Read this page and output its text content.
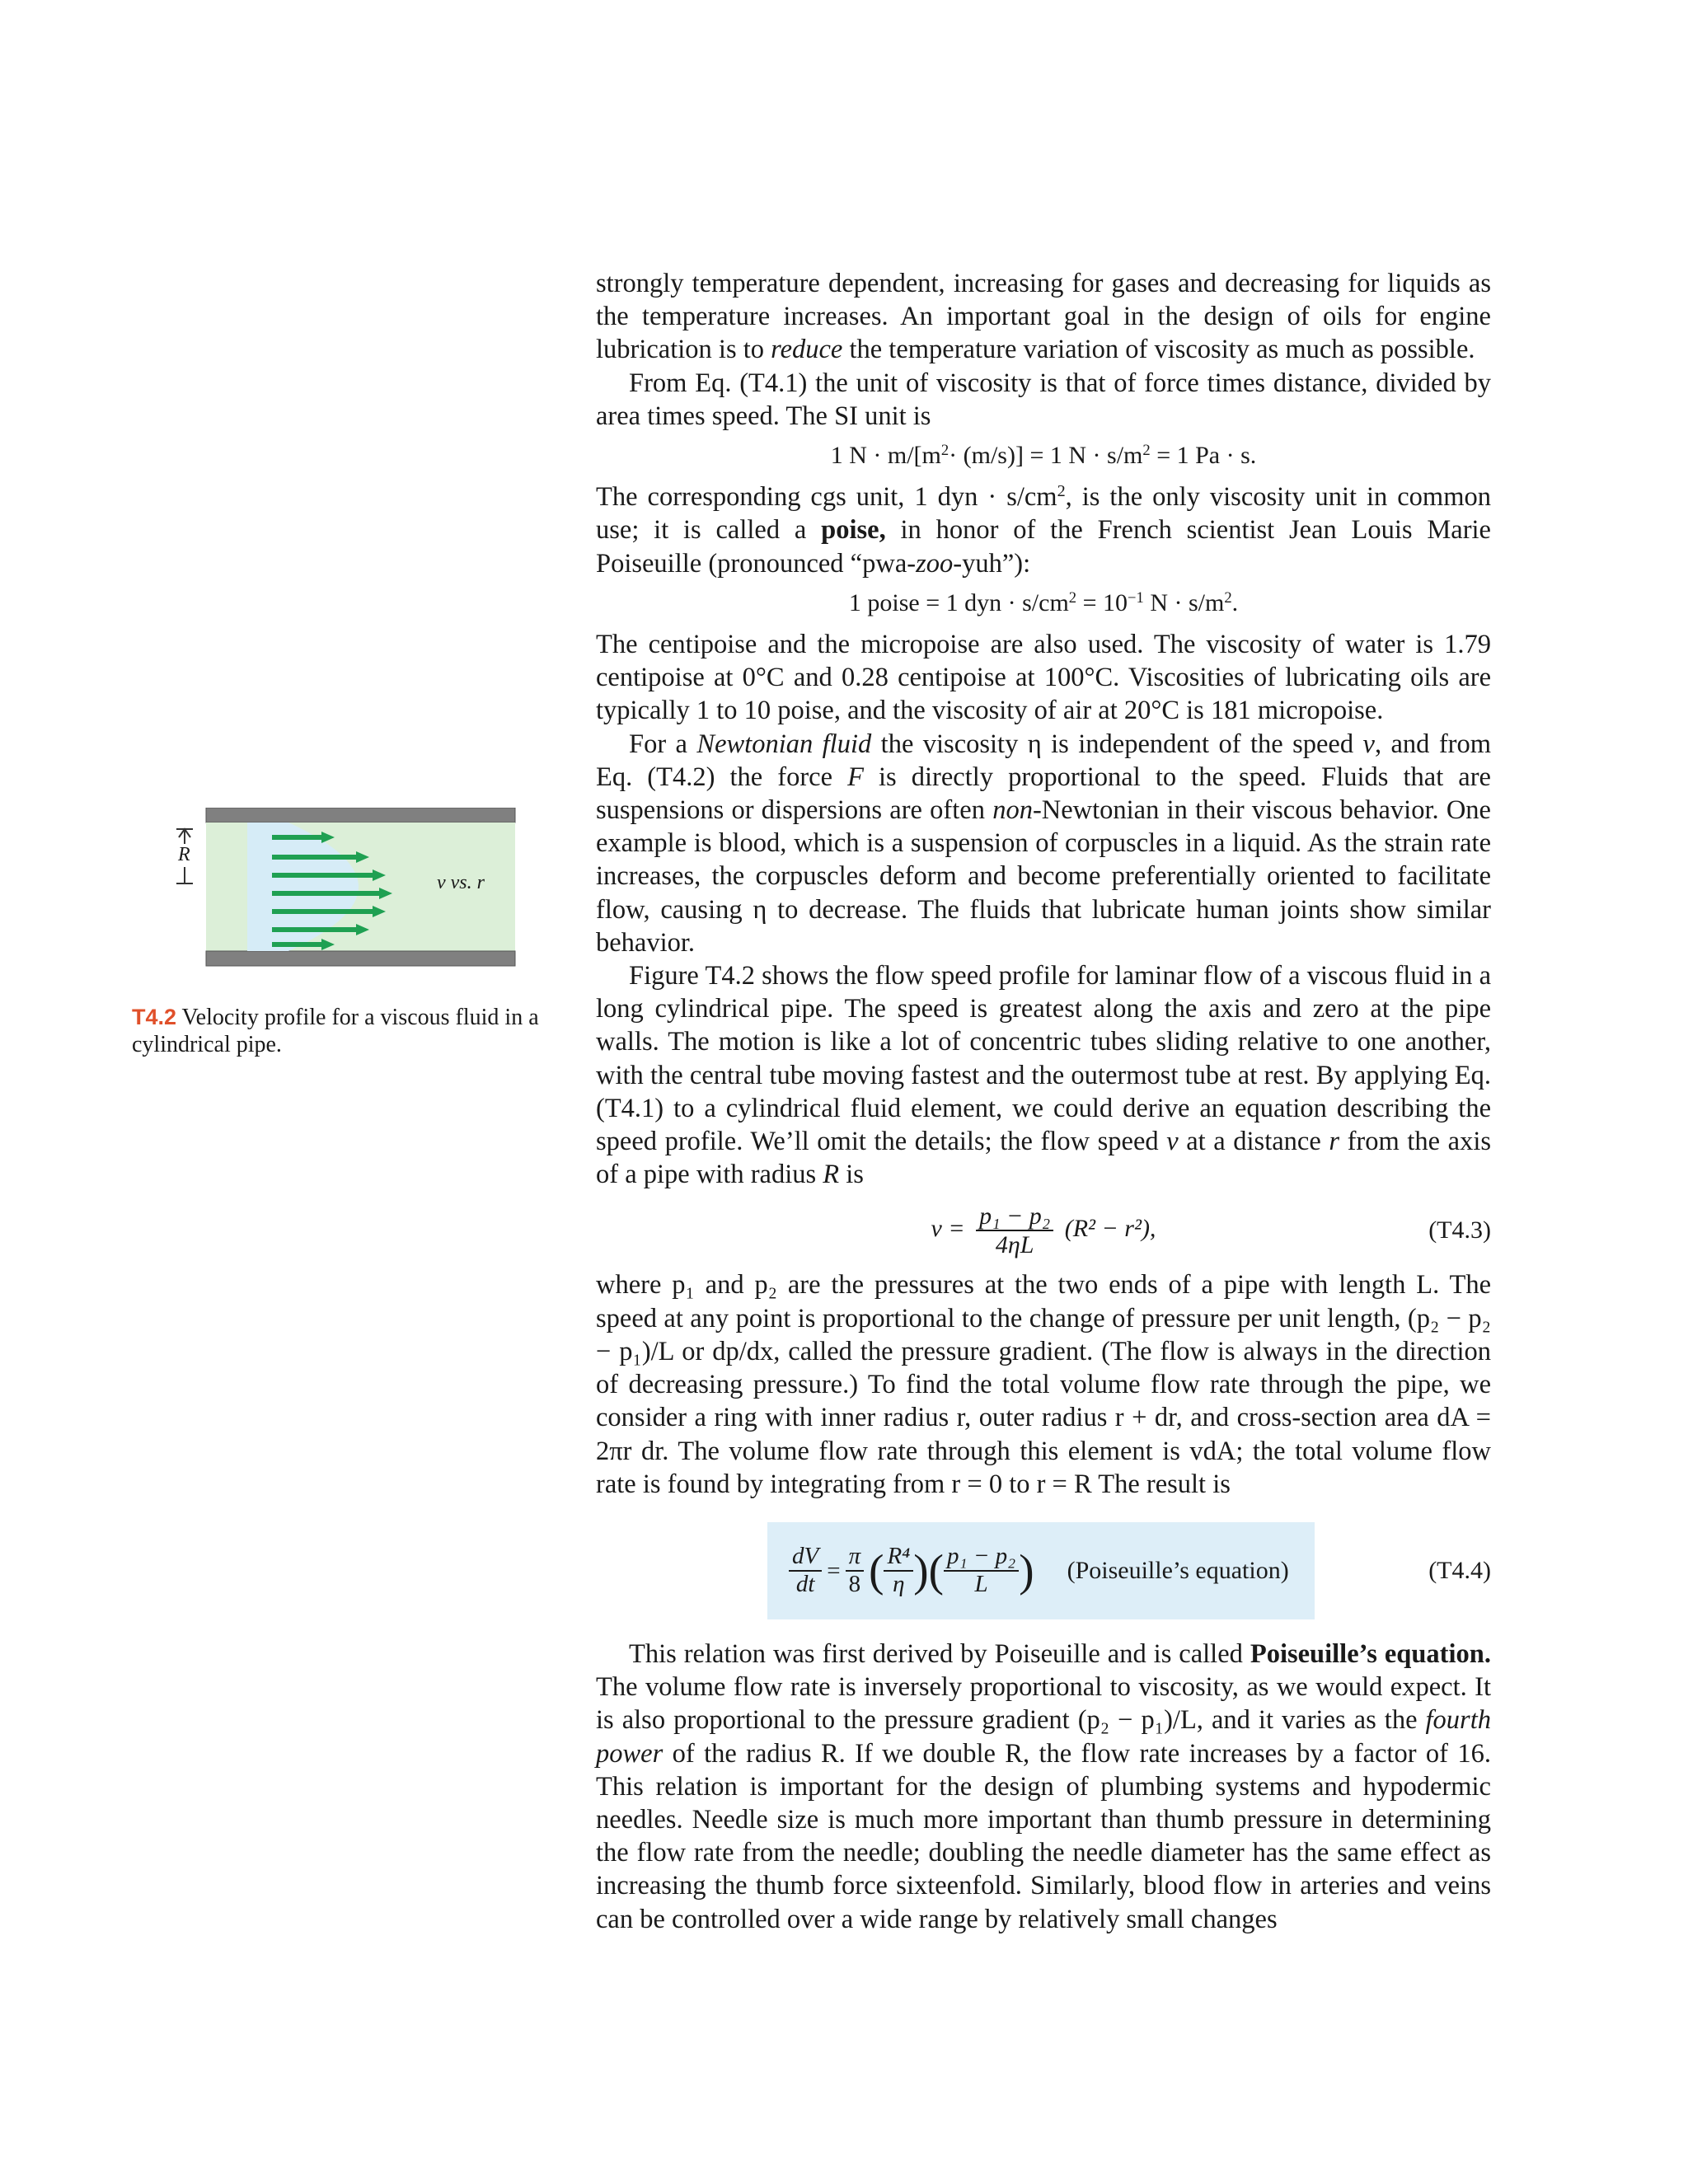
R
v vs. r
T4.2 Velocity profile for a viscous fluid in a cylindrical pipe.

strongly temperature dependent, increasing for gases and decreasing for liquids as the temperature increases. An important goal in the design of oils for engine lubrication is to reduce the temperature variation of viscosity as much as possible.

From Eq. (T4.1) the unit of viscosity is that of force times distance, divided by area times speed. The SI unit is

1 $N \cdot m/[m^2\cdot (m/s)] = 1$ $N \cdot s/m^2 = 1$ Pa · s.

The corresponding cgs unit, 1 dyn · $s/cm^2$, is the only viscosity unit in common use; it is called a poise, in honor of the French scientist Jean Louis Marie Poiseuille (pronounced “pwa-zoo-yuh”):

1 poise = 1 dyn · $s/cm^2 = 10^{-1}$ $N \cdot s/m^2$.

The centipoise and the micropoise are also used. The viscosity of water is 1.79 centipoise at 0°C and 0.28 centipoise at 100°C. Viscosities of lubricating oils are typically 1 to 10 poise, and the viscosity of air at 20°C is 181 micropoise.

For a Newtonian fluid the viscosity η is independent of the speed v, and from Eq. (T4.2) the force F is directly proportional to the speed. Fluids that are suspensions or dispersions are often non-Newtonian in their viscous behavior. One example is blood, which is a suspension of corpuscles in a liquid. As the strain rate increases, the corpuscles deform and become preferentially oriented to facilitate flow, causing η to decrease. The fluids that lubricate human joints show similar behavior.

Figure T4.2 shows the flow speed profile for laminar flow of a viscous fluid in a long cylindrical pipe. The speed is greatest along the axis and zero at the pipe walls. The motion is like a lot of concentric tubes sliding relative to one another, with the central tube moving fastest and the outermost tube at rest. By applying Eq. (T4.1) to a cylindrical fluid element, we could derive an equation describing the speed profile. We’ll omit the details; the flow speed v at a distance r from the axis of a pipe with radius R is

$v = \frac{\text{p₁ − p₂}}{4\eta L} (R^2 - r^2)$,	(T4.3)

where p₁ and p₂ are the pressures at the two ends of a pipe with length L. The speed at any point is proportional to the change of pressure per unit length, (p₂ − p₂ − p₁)/L or dp/dx, called the pressure gradient. (The flow is always in the direction of decreasing pressure.) To find the total volume flow rate through the pipe, we consider a ring with inner radius r, outer radius r + dr, and cross-section area dA = 2πr dr. The volume flow rate through this element is vdA; the total volume flow rate is found by integrating from r = 0 to r = R The result is

$\frac{dV}{dt} = \frac{\pi}{8}$ ( $\frac{\text{R⁴}}{\eta}$ ) ( $\frac{\text{p₁ − p₂}}{L}$ ) (Poiseuille’s equation)	(T4.4)

This relation was first derived by Poiseuille and is called Poiseuille’s equation. The volume flow rate is inversely proportional to viscosity, as we would expect. It is also proportional to the pressure gradient (p₂ − p₁)/L, and it varies as the fourth power of the radius R. If we double R, the flow rate increases by a factor of 16. This relation is important for the design of plumbing systems and hypodermic needles. Needle size is much more important than thumb pressure in determining the flow rate from the needle; doubling the needle diameter has the same effect as increasing the thumb force sixteenfold. Similarly, blood flow in arteries and veins can be controlled over a wide range by relatively small changes
